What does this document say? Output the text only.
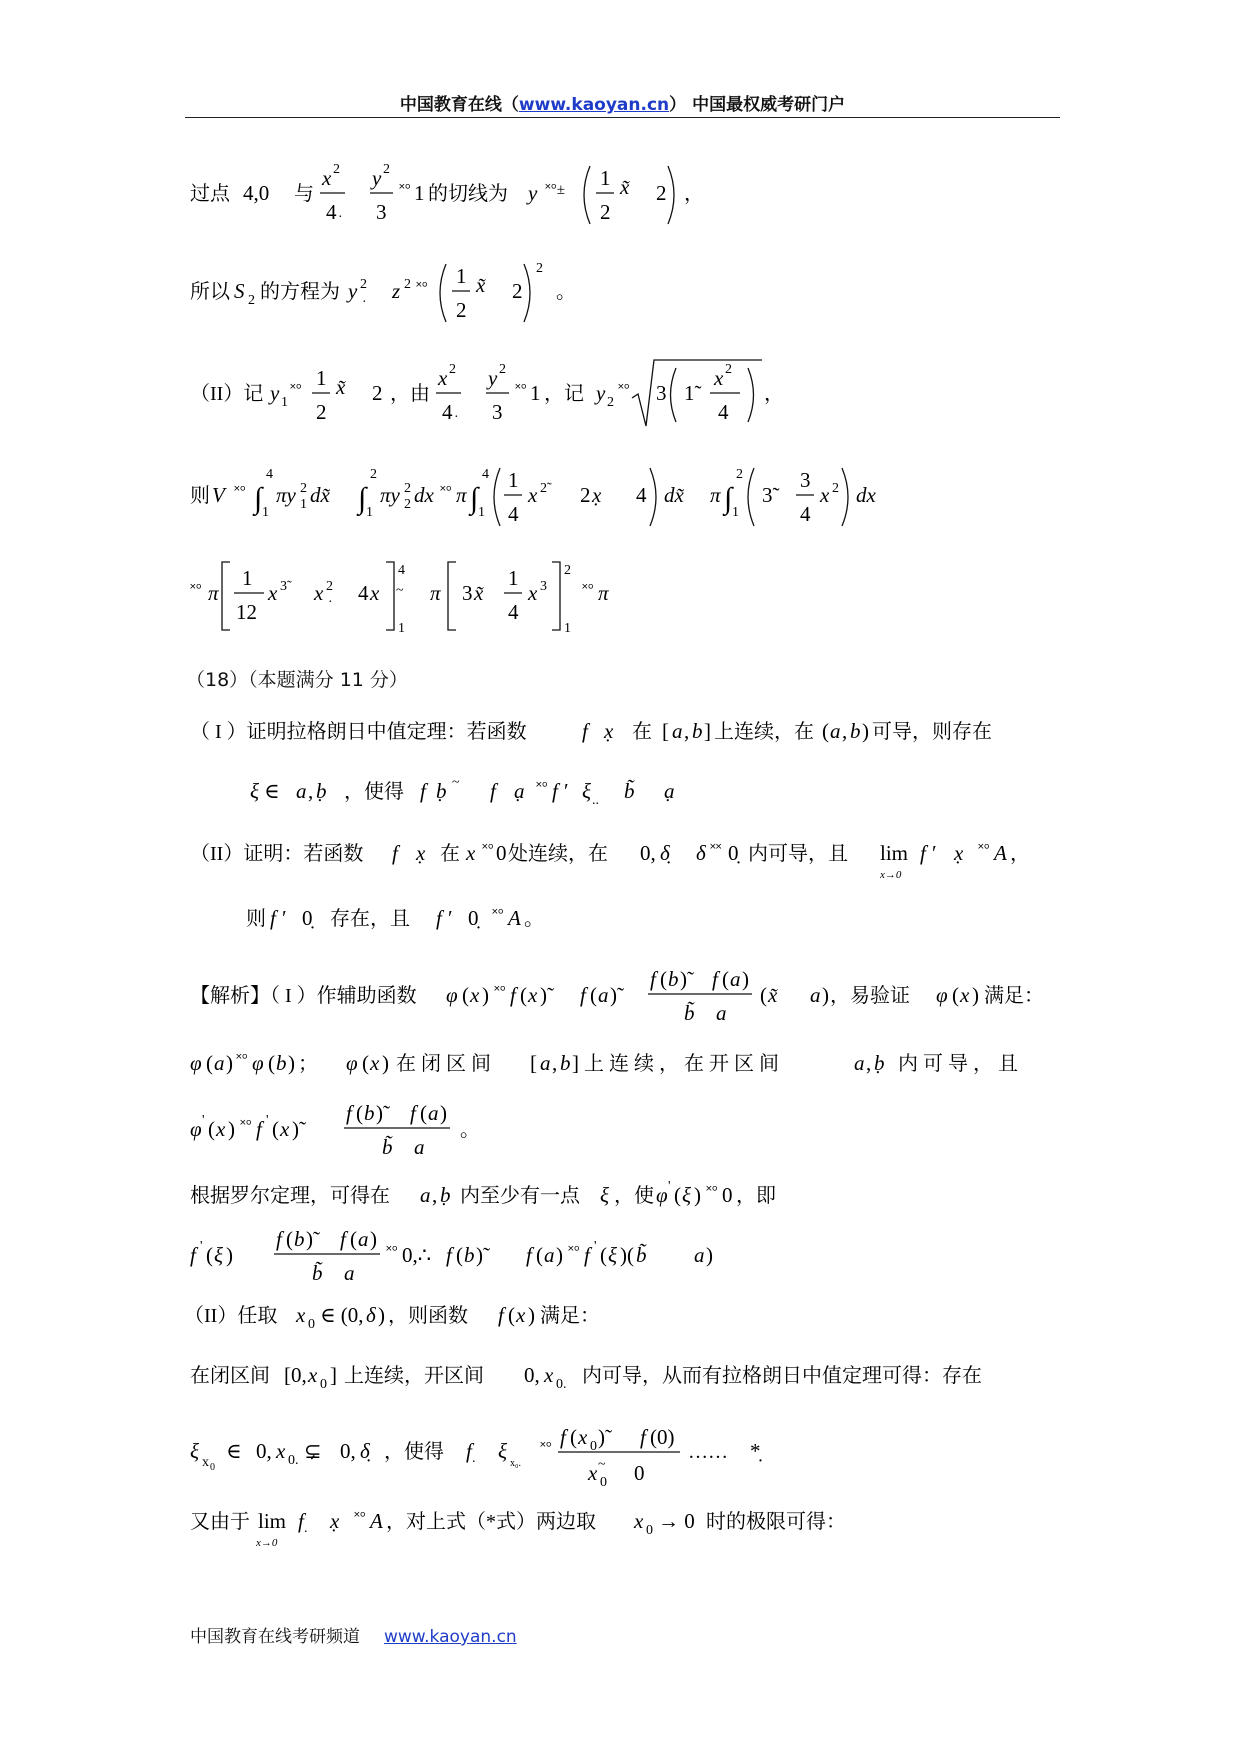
中国教育在线（www.kaoyan.cn） 中国最权威考研门户
过点 4,0 与
x 2
4 ·
y 2
3
˟° 1 的切线为 y ˟°± 1
2
x̃ 2 ，
所以 S 2 的方程为 y 2
· z 2 ˟° 1
2
x̃ 2
2
。
（II）记 y 1
˟° 1
2
x̃ 2 ，由
x 2
4 ·
y 2
3
˟° 1 ，记 y 2
˟° 3 1̃
x 2
4
，
则 V ˟° ∫
4
1
πy 2
1 dx̃ ∫
2
1
πy 2
2 dx ˟° π ∫
4
1
1
4
x 2̃ 2 x̣ 4 dx̃ π ∫
2
1
3̃
3
4
x 2 dx
˟° π
1
12
x 3̃ x 2
· 4 x
4
~
1
π 3 x̃
1
4
x 3
2
1
˟° π
（18）（本题满分 11 分）
（ I ）证明拉格朗日中值定理：若函数	f x̣ 在 [ a , b ] 上连续，在 ( a , b ) 可导，则存在
ξ ∈ a , ḅ ，使得 f ḅ ~ f ạ ˟° f ′ ξ .. b̃ ạ
（II）证明：若函数 f x̣ 在 x ˟° 0 处连续，在 0, δ̣ δ ˟˟ 0̣ 内可导，且 lim
x→0
f ′ x̣ ˟° A ，
则 f ′ 0̣ 存在，且 f ′ 0̣ ˟° A 。
【解析】（ I ）作辅助函数 φ ( x ) ˟° f ( x )̃	f ( a )̃
f ( b )̃	f ( a )
b̃ a
( x̃ a ) ，易验证 φ ( x ) 满足：
φ ( a ) ˟° φ ( b ) ； φ ( x ) 在 闭 区 间 [ a , b ] 上 连 续 ， 在 开 区 间	a , ḅ 内 可 导 ， 且
φ ' ( x ) ˟° f ' ( x )̃
f ( b )̃	f ( a )
b̃ a
。
根据罗尔定理，可得在 a , ḅ 内至少有一点 ξ ，使 φ ' ( ξ ) ˟° 0 ，即
f ' ( ξ )
f ( b )̃	f ( a )
b̃ a
˟° 0,∴ f ( b )̃	f ( a ) ˟° f ' ( ξ )( b̃ a )
（II）任取 x 0 ∈ (0, δ ) ，则函数 f ( x ) 满足：
在闭区间 [0, x 0 ] 上连续，开区间 0, x 0. 内可导，从而有拉格朗日中值定理可得：存在
ξ x 0
∈ 0, x 0. ⊊ 0, δ̣ ，使得 f . ξ
x₀.
˟° f ( x 0 )̃	f (0)
x 0
~ 0
…… *̣
又由于 lim
x→0
f . x̣ ˟° A ，对上式（*式）两边取 x 0 → 0 时的极限可得：
中国教育在线考研频道 www.kaoyan.cn
